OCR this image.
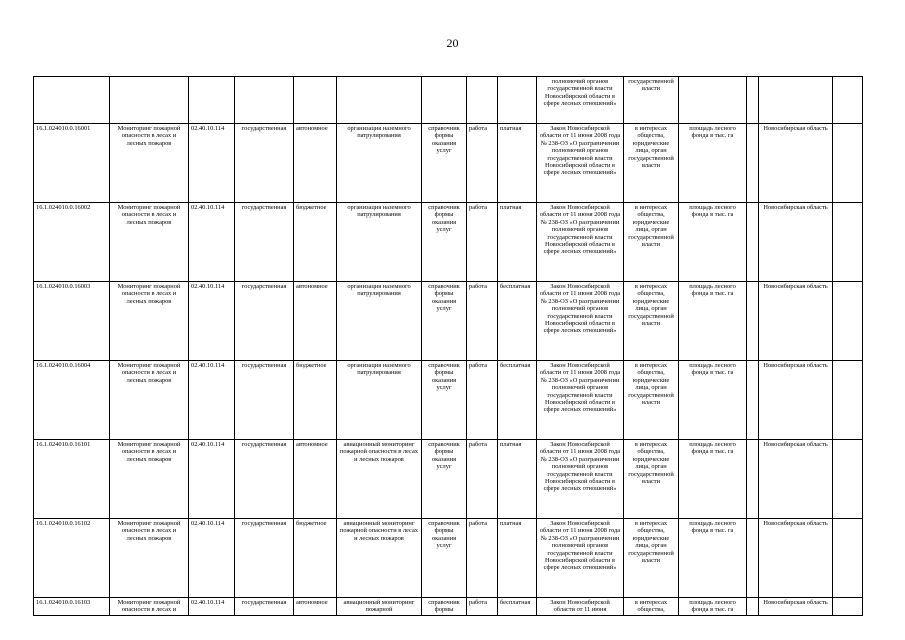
20
									полномочий органов государственной власти Новосибирской области в сфере лесных отношений»	государственной власти				
16.1.024010.0.16001	Мониторинг пожарной опасности в лесах и лесных пожаров	02.40.10.114	государственная	автономное	организация наземного патрулирования	справочник формы оказания услуг	работа	платная	Закон Новосибирской области от 11 июня 2008 года № 238-ОЗ «О разграничении полномочий органов государственной власти Новосибирской области в сфере лесных отношений»	в интересах общества, юридические лица, орган государственной власти	площадь лесного фонда в тыс. га		Новосибирская область	
16.1.024010.0.16002	Мониторинг пожарной опасности в лесах и лесных пожаров	02.40.10.114	государственная	бюджетное	организация наземного патрулирования	справочник формы оказания услуг	работа	платная	Закон Новосибирской области от 11 июня 2008 года № 238-ОЗ «О разграничении полномочий органов государственной власти Новосибирской области в сфере лесных отношений»	в интересах общества, юридические лица, орган государственной власти	площадь лесного фонда в тыс. га		Новосибирская область	
16.1.024010.0.16003	Мониторинг пожарной опасности в лесах и лесных пожаров	02.40.10.114	государственная	автономное	организация наземного патрулирования	справочник формы оказания услуг	работа	бесплатная	Закон Новосибирской области от 11 июня 2008 года № 238-ОЗ «О разграничении полномочий органов государственной власти Новосибирской области в сфере лесных отношений»	в интересах общества, юридические лица, орган государственной власти	площадь лесного фонда в тыс. га		Новосибирская область	
16.1.024010.0.16004	Мониторинг пожарной опасности в лесах и лесных пожаров	02.40.10.114	государственная	бюджетное	организация наземного патрулирования	справочник формы оказания услуг	работа	бесплатная	Закон Новосибирской области от 11 июня 2008 года № 238-ОЗ «О разграничении полномочий органов государственной власти Новосибирской области в сфере лесных отношений»	в интересах общества, юридические лица, орган государственной власти	площадь лесного фонда в тыс. га		Новосибирская область	
16.1.024010.0.16101	Мониторинг пожарной опасности в лесах и лесных пожаров	02.40.10.114	государственная	автономное	авиационный мониторинг пожарной опасности в лесах и лесных пожаров	справочник формы оказания услуг	работа	платная	Закон Новосибирской области от 11 июня 2008 года № 238-ОЗ «О разграничении полномочий органов государственной власти Новосибирской области в сфере лесных отношений»	в интересах общества, юридические лица, орган государственной власти	площадь лесного фонда в тыс. га		Новосибирская область	
16.1.024010.0.16102	Мониторинг пожарной опасности в лесах и лесных пожаров	02.40.10.114	государственная	бюджетное	авиационный мониторинг пожарной опасности в лесах и лесных пожаров	справочник формы оказания услуг	работа	платная	Закон Новосибирской области от 11 июня 2008 года № 238-ОЗ «О разграничении полномочий органов государственной власти Новосибирской области в сфере лесных отношений»	в интересах общества, юридические лица, орган государственной власти	площадь лесного фонда в тыс. га		Новосибирская область	
16.1.024010.0.16103	Мониторинг пожарной опасности в лесах и	02.40.10.114	государственная	автономное	авиационный мониторинг пожарной	справочник формы	работа	бесплатная	Закон Новосибирской области от 11 июня	в интересах общества,	площадь лесного фонда в тыс. га		Новосибирская область	
